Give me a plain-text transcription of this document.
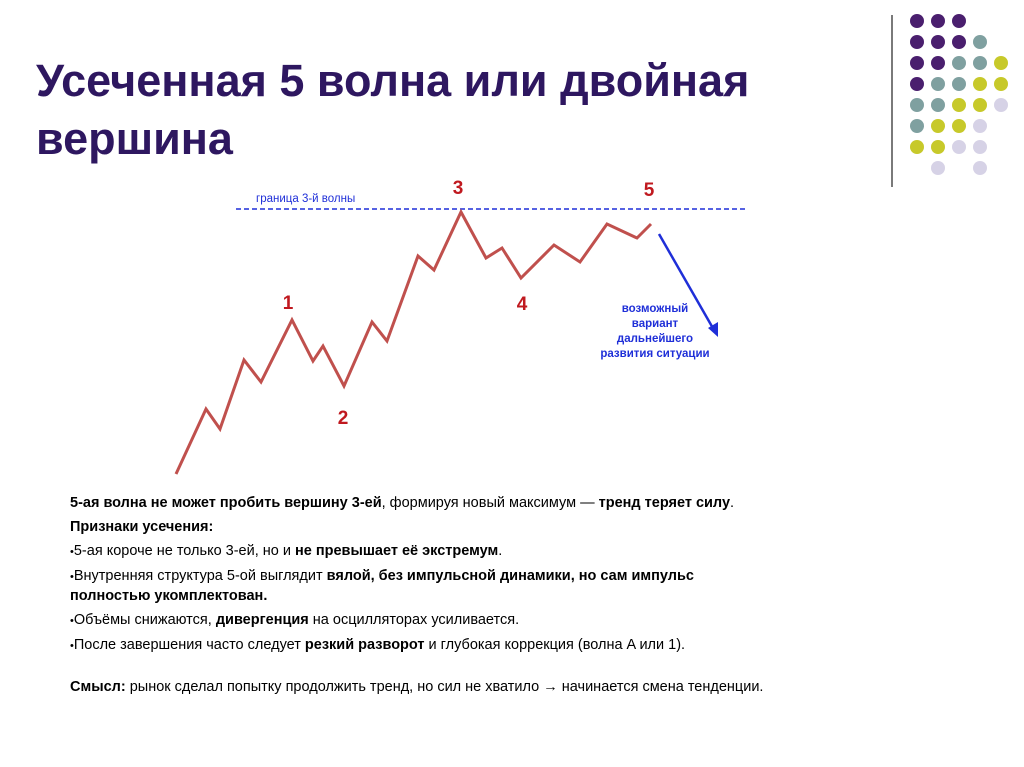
Усеченная 5 волна или двойная вершина
граница 3-й волны
1
2
3
4
5
возможный
вариант
дальнейшего
развития ситуации

5-ая волна не может пробить вершину 3-ей, формируя новый максимум — тренд теряет силу.

Признаки усечения:

•5-ая короче не только 3-ей, но и не превышает её экстремум.

•Внутренняя структура 5-ой выглядит вялой, без импульсной динамики, но сам импульс
полностью укомплектован.

•Объёмы снижаются, дивергенция на осцилляторах усиливается.

•После завершения часто следует резкий разворот и глубокая коррекция (волна A или 1).

Смысл: рынок сделал попытку продолжить тренд, но сил не хватило → начинается смена тенденции.
